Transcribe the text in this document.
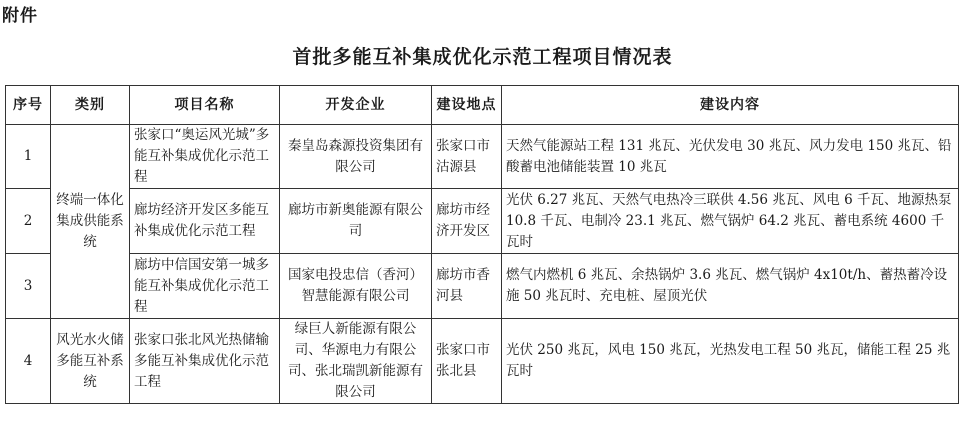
附件
首批多能互补集成优化示范工程项目情况表
序号	类别	项目名称	开发企业	建设地点	建设内容
1	终端一体化集成供能系统	张家口“奥运风光城”多能互补集成优化示范工程	秦皇岛森源投资集团有限公司	张家口市沽源县	天然气能源站工程 131 兆瓦、光伏发电 30 兆瓦、风力发电 150 兆瓦、铅酸蓄电池储能装置 10 兆瓦
2		廊坊经济开发区多能互补集成优化示范工程	廊坊市新奥能源有限公司	廊坊市经济开发区	光伏 6.27 兆瓦、天然气电热冷三联供 4.56 兆瓦、风电 6 千瓦、地源热泵 10.8 千瓦、电制冷 23.1 兆瓦、燃气锅炉 64.2 兆瓦、蓄电系统 4600 千瓦时
3		廊坊中信国安第一城多能互补集成优化示范工程	国家电投忠信（香河）智慧能源有限公司	廊坊市香河县	燃气内燃机 6 兆瓦、余热锅炉 3.6 兆瓦、燃气锅炉 4x10t/h、蓄热蓄冷设施 50 兆瓦时、充电桩、屋顶光伏
4	风光水火储多能互补系统	张家口张北风光热储输多能互补集成优化示范工程	绿巨人新能源有限公司、华源电力有限公司、张北瑞凯新能源有限公司	张家口市张北县	光伏 250 兆瓦，风电 150 兆瓦，光热发电工程 50 兆瓦，储能工程 25 兆瓦时
